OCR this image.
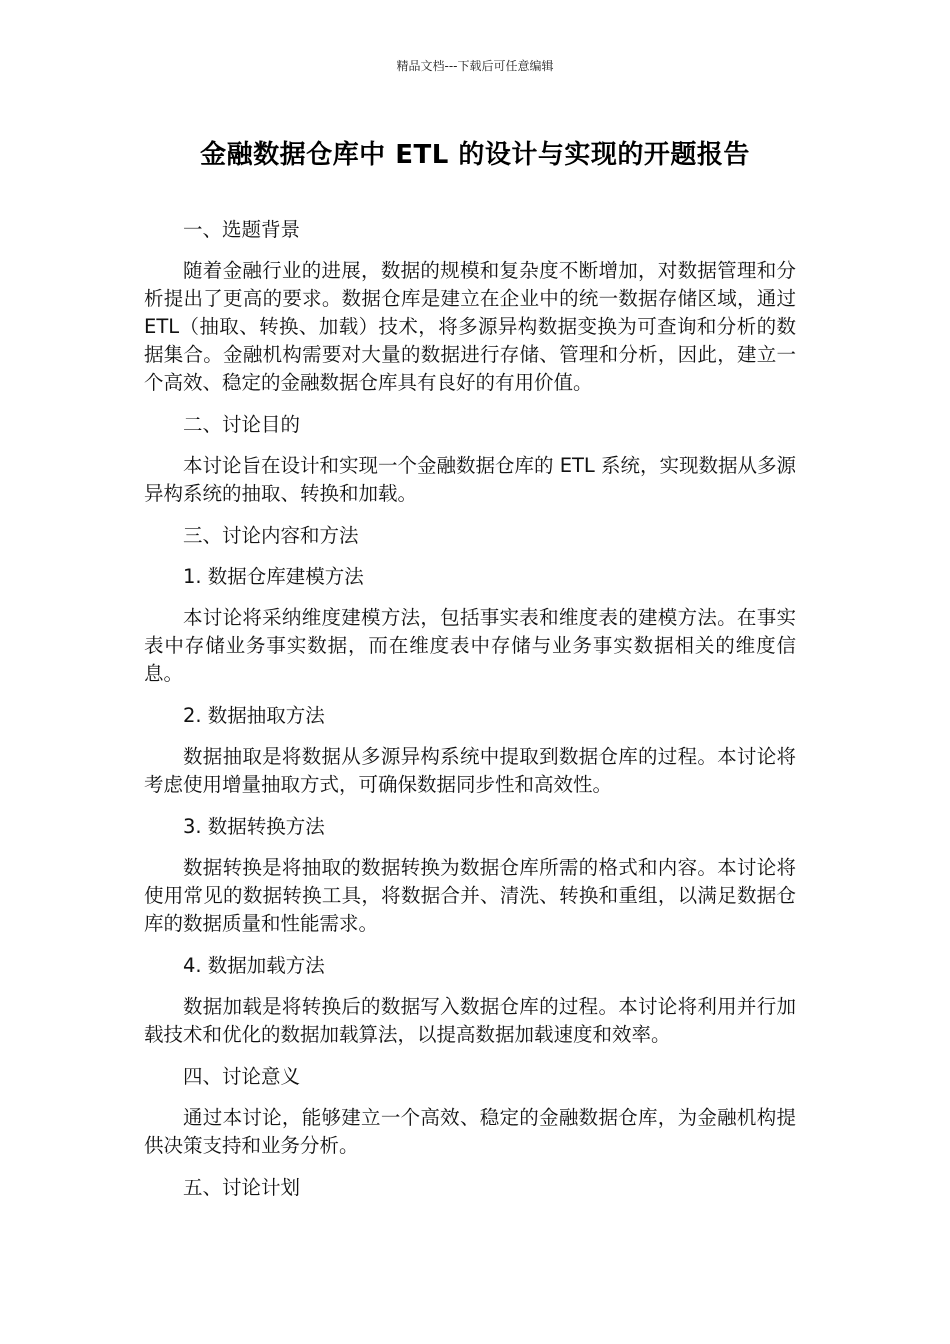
精品文档---下载后可任意编辑
金融数据仓库中 ETL 的设计与实现的开题报告

一、选题背景

随着金融行业的进展，数据的规模和复杂度不断增加，对数据管理和分析提出了更高的要求。数据仓库是建立在企业中的统一数据存储区域，通过 ETL（抽取、转换、加载）技术，将多源异构数据变换为可查询和分析的数据集合。金融机构需要对大量的数据进行存储、管理和分析，因此，建立一个高效、稳定的金融数据仓库具有良好的有用价值。

二、讨论目的

本讨论旨在设计和实现一个金融数据仓库的 ETL 系统，实现数据从多源异构系统的抽取、转换和加载。

三、讨论内容和方法

1. 数据仓库建模方法

本讨论将采纳维度建模方法，包括事实表和维度表的建模方法。在事实表中存储业务事实数据，而在维度表中存储与业务事实数据相关的维度信息。

2. 数据抽取方法

数据抽取是将数据从多源异构系统中提取到数据仓库的过程。本讨论将考虑使用增量抽取方式，可确保数据同步性和高效性。

3. 数据转换方法

数据转换是将抽取的数据转换为数据仓库所需的格式和内容。本讨论将使用常见的数据转换工具，将数据合并、清洗、转换和重组，以满足数据仓库的数据质量和性能需求。

4. 数据加载方法

数据加载是将转换后的数据写入数据仓库的过程。本讨论将利用并行加载技术和优化的数据加载算法，以提高数据加载速度和效率。

四、讨论意义

通过本讨论，能够建立一个高效、稳定的金融数据仓库，为金融机构提供决策支持和业务分析。

五、讨论计划
